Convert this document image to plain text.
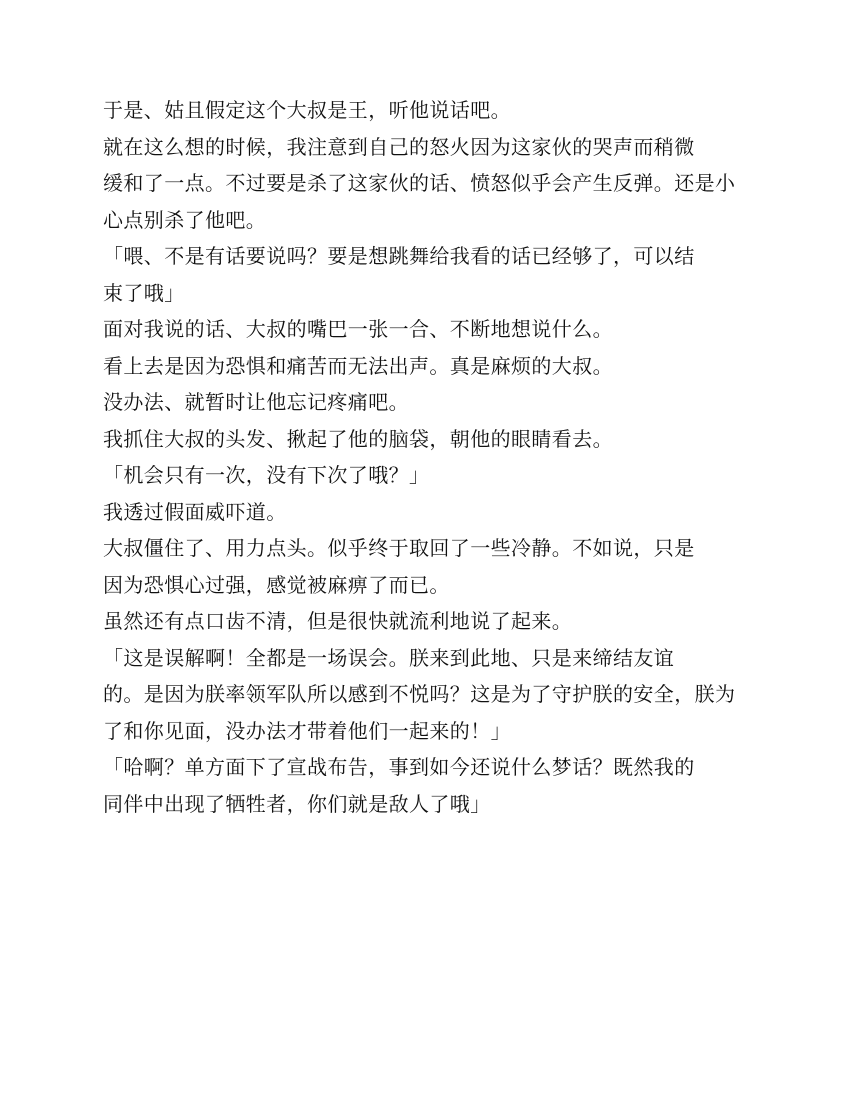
于是、姑且假定这个大叔是王，听他说话吧。
就在这么想的时候，我注意到自己的怒火因为这家伙的哭声而稍微
缓和了一点。不过要是杀了这家伙的话、愤怒似乎会产生反弹。还是小
心点别杀了他吧。
「喂、不是有话要说吗？要是想跳舞给我看的话已经够了，可以结
束了哦」
面对我说的话、大叔的嘴巴一张一合、不断地想说什么。
看上去是因为恐惧和痛苦而无法出声。真是麻烦的大叔。
没办法、就暂时让他忘记疼痛吧。
我抓住大叔的头发、揪起了他的脑袋，朝他的眼睛看去。
「机会只有一次，没有下次了哦？」
我透过假面威吓道。
大叔僵住了、用力点头。似乎终于取回了一些冷静。不如说，只是
因为恐惧心过强，感觉被麻痹了而已。
虽然还有点口齿不清，但是很快就流利地说了起来。
「这是误解啊！全都是一场误会。朕来到此地、只是来缔结友谊
的。是因为朕率领军队所以感到不悦吗？这是为了守护朕的安全，朕为
了和你见面，没办法才带着他们一起来的！」
「哈啊？单方面下了宣战布告，事到如今还说什么梦话？既然我的
同伴中出现了牺牲者，你们就是敌人了哦」
